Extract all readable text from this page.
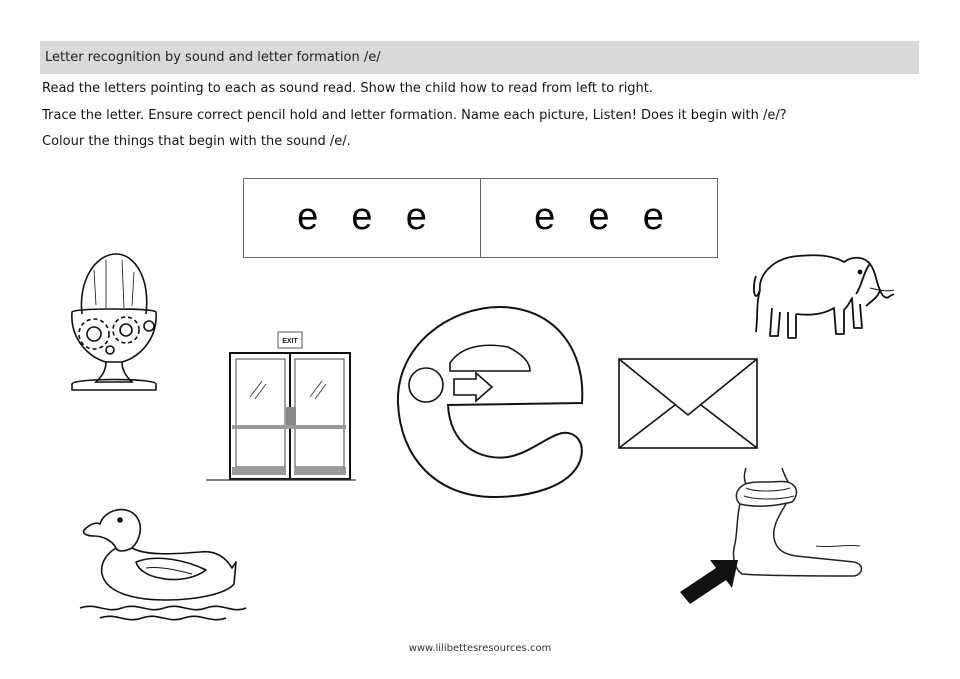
Letter recognition by sound and letter formation /e/
Read the letters pointing to each as sound read. Show the child how to read from left to right.
Trace the letter. Ensure correct pencil hold and letter formation. Name each picture, Listen! Does it begin with /e/?
Colour the things that begin with the sound /e/.
e e e	e e e
EXIT
www.lilibettesresources.com
